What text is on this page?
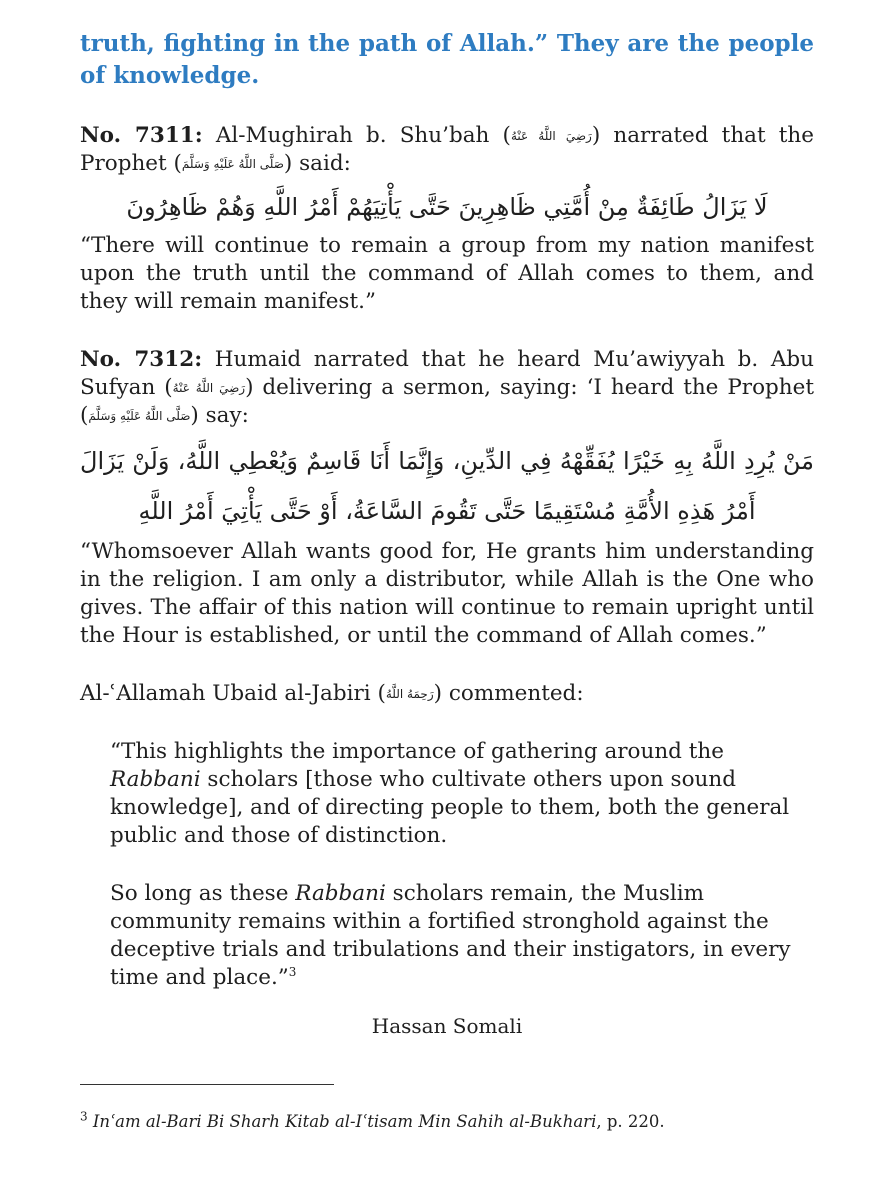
truth, fighting in the path of Allah.” They are the people of knowledge.

No. 7311: Al-Mughirah b. Shu’bah (رَضِيَ اللَّهُ عَنْهُ) narrated that the Prophet (صَلَّى اللَّهُ عَلَيْهِ وَسَلَّمَ) said:

لَا يَزَالُ طَائِفَةٌ مِنْ أُمَّتِي ظَاهِرِينَ حَتَّى يَأْتِيَهُمْ أَمْرُ اللَّهِ وَهُمْ ظَاهِرُونَ

“There will continue to remain a group from my nation manifest upon the truth until the command of Allah comes to them, and they will remain manifest.”

No. 7312: Humaid narrated that he heard Mu’awiyyah b. Abu Sufyan (رَضِيَ اللَّهُ عَنْهُ) delivering a sermon, saying: ‘I heard the Prophet (صَلَّى اللَّهُ عَلَيْهِ وَسَلَّمَ) say:

مَنْ يُرِدِ اللَّهُ بِهِ خَيْرًا يُفَقِّهْهُ فِي الدِّينِ، وَإِنَّمَا أَنَا قَاسِمٌ وَيُعْطِي اللَّهُ، وَلَنْ يَزَالَ أَمْرُ هَذِهِ الأُمَّةِ مُسْتَقِيمًا حَتَّى تَقُومَ السَّاعَةُ، أَوْ حَتَّى يَأْتِيَ أَمْرُ اللَّهِ

“Whomsoever Allah wants good for, He grants him understanding in the religion. I am only a distributor, while Allah is the One who gives. The affair of this nation will continue to remain upright until the Hour is established, or until the command of Allah comes.”

Al-ʿAllamah Ubaid al-Jabiri (رَحِمَهُ اللَّهُ) commented:

“This highlights the importance of gathering around the Rabbani scholars [those who cultivate others upon sound knowledge], and of directing people to them, both the general public and those of distinction.

So long as these Rabbani scholars remain, the Muslim community remains within a fortified stronghold against the deceptive trials and tribulations and their instigators, in every time and place.”$^3$

Hassan Somali

$^3$ Inʿam al-Bari Bi Sharh Kitab al-Iʿtisam Min Sahih al-Bukhari, p. 220.
